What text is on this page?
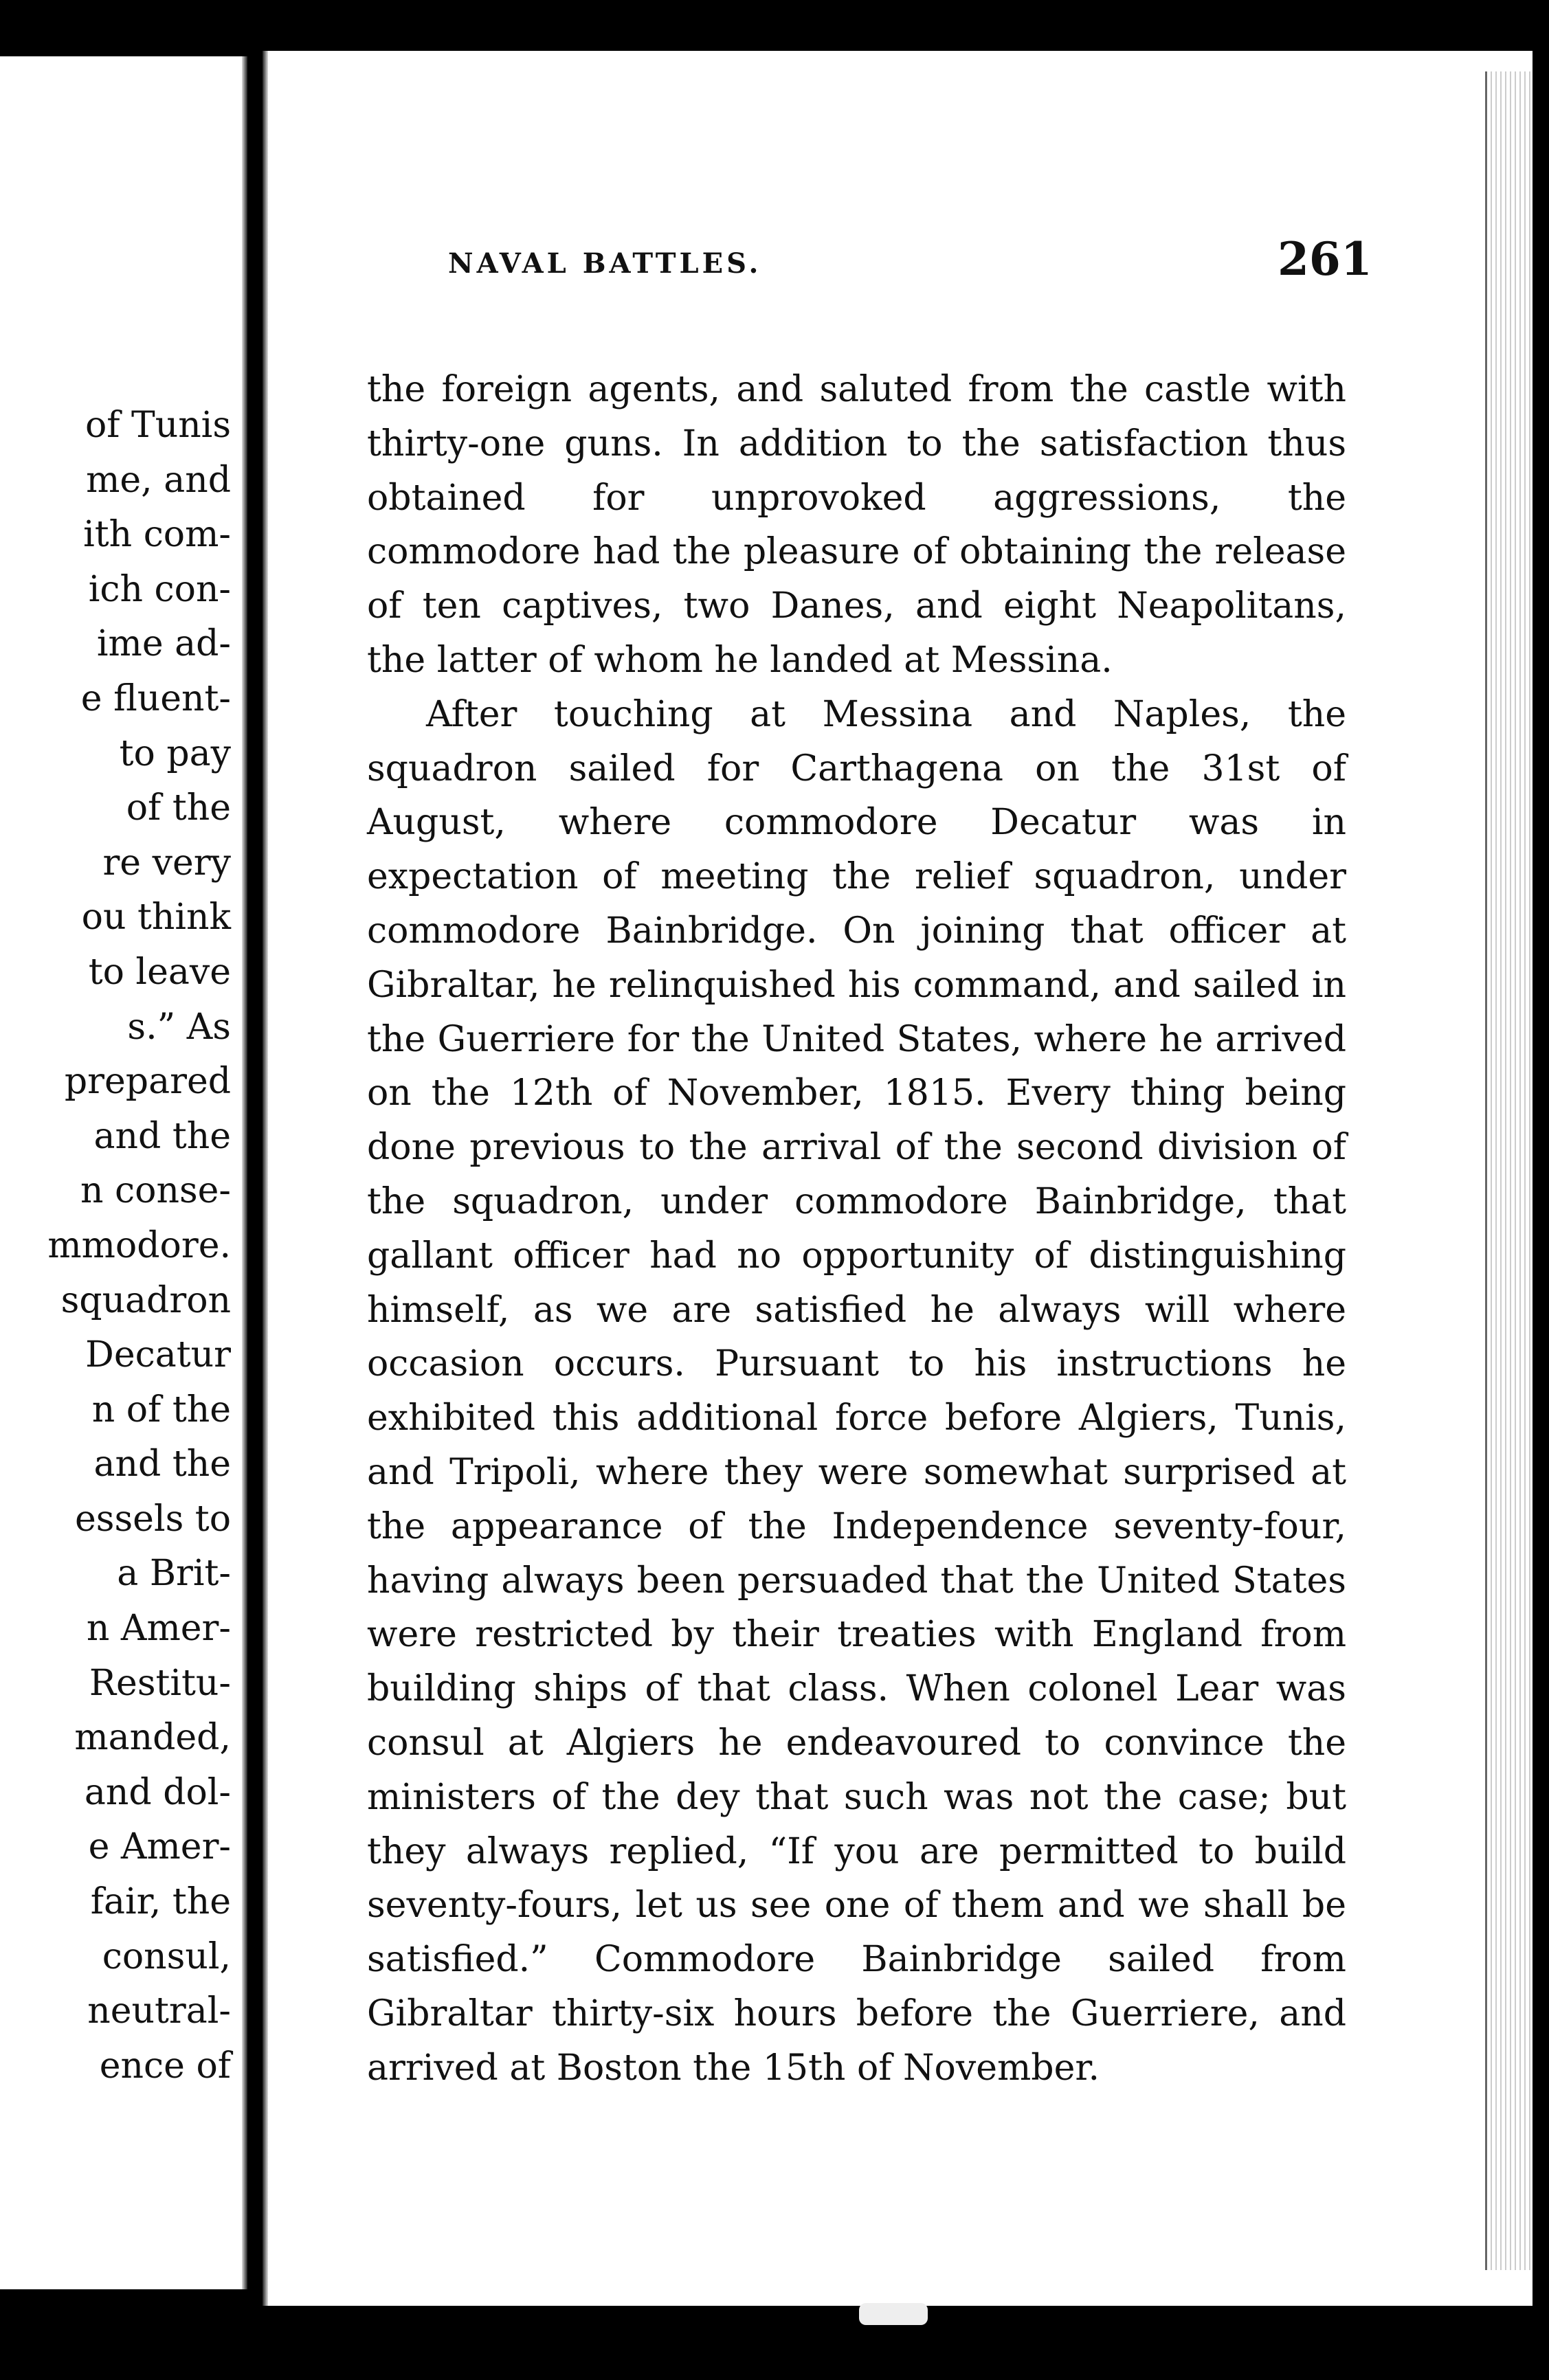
of Tunis
me, and
ith com-
ich con-
ime ad-
e fluent-
to pay
of the
re very
ou think
to leave
s.” As
prepared
and the
n conse-
mmodore.
squadron
Decatur
n of the
and the
essels to
a Brit-
n Amer-
Restitu-
manded,
and dol-
e Amer-
fair, the
consul,
neutral-
ence of
NAVAL BATTLES.	261

the foreign agents, and saluted from the castle with thirty-one guns. In addition to the satisfaction thus obtained for unprovoked aggressions, the commodore had the pleasure of obtaining the release of ten captives, two Danes, and eight Neapolitans, the latter of whom he landed at Messina.

After touching at Messina and Naples, the squadron sailed for Carthagena on the 31st of August, where commodore Decatur was in expectation of meeting the relief squadron, under commodore Bainbridge. On joining that officer at Gibraltar, he relinquished his command, and sailed in the Guerriere for the United States, where he arrived on the 12th of November, 1815. Every thing being done previous to the arrival of the second division of the squadron, under commodore Bainbridge, that gallant officer had no opportunity of distinguishing himself, as we are satisfied he always will where occasion occurs. Pursuant to his instructions he exhibited this additional force before Algiers, Tunis, and Tripoli, where they were somewhat surprised at the appearance of the Independence seventy-four, having always been persuaded that the United States were restricted by their treaties with England from building ships of that class. When colonel Lear was consul at Algiers he endeavoured to convince the ministers of the dey that such was not the case; but they always replied, “If you are permitted to build seventy-fours, let us see one of them and we shall be satisfied.” Commodore Bainbridge sailed from Gibraltar thirty-six hours before the Guerriere, and arrived at Boston the 15th of November.
